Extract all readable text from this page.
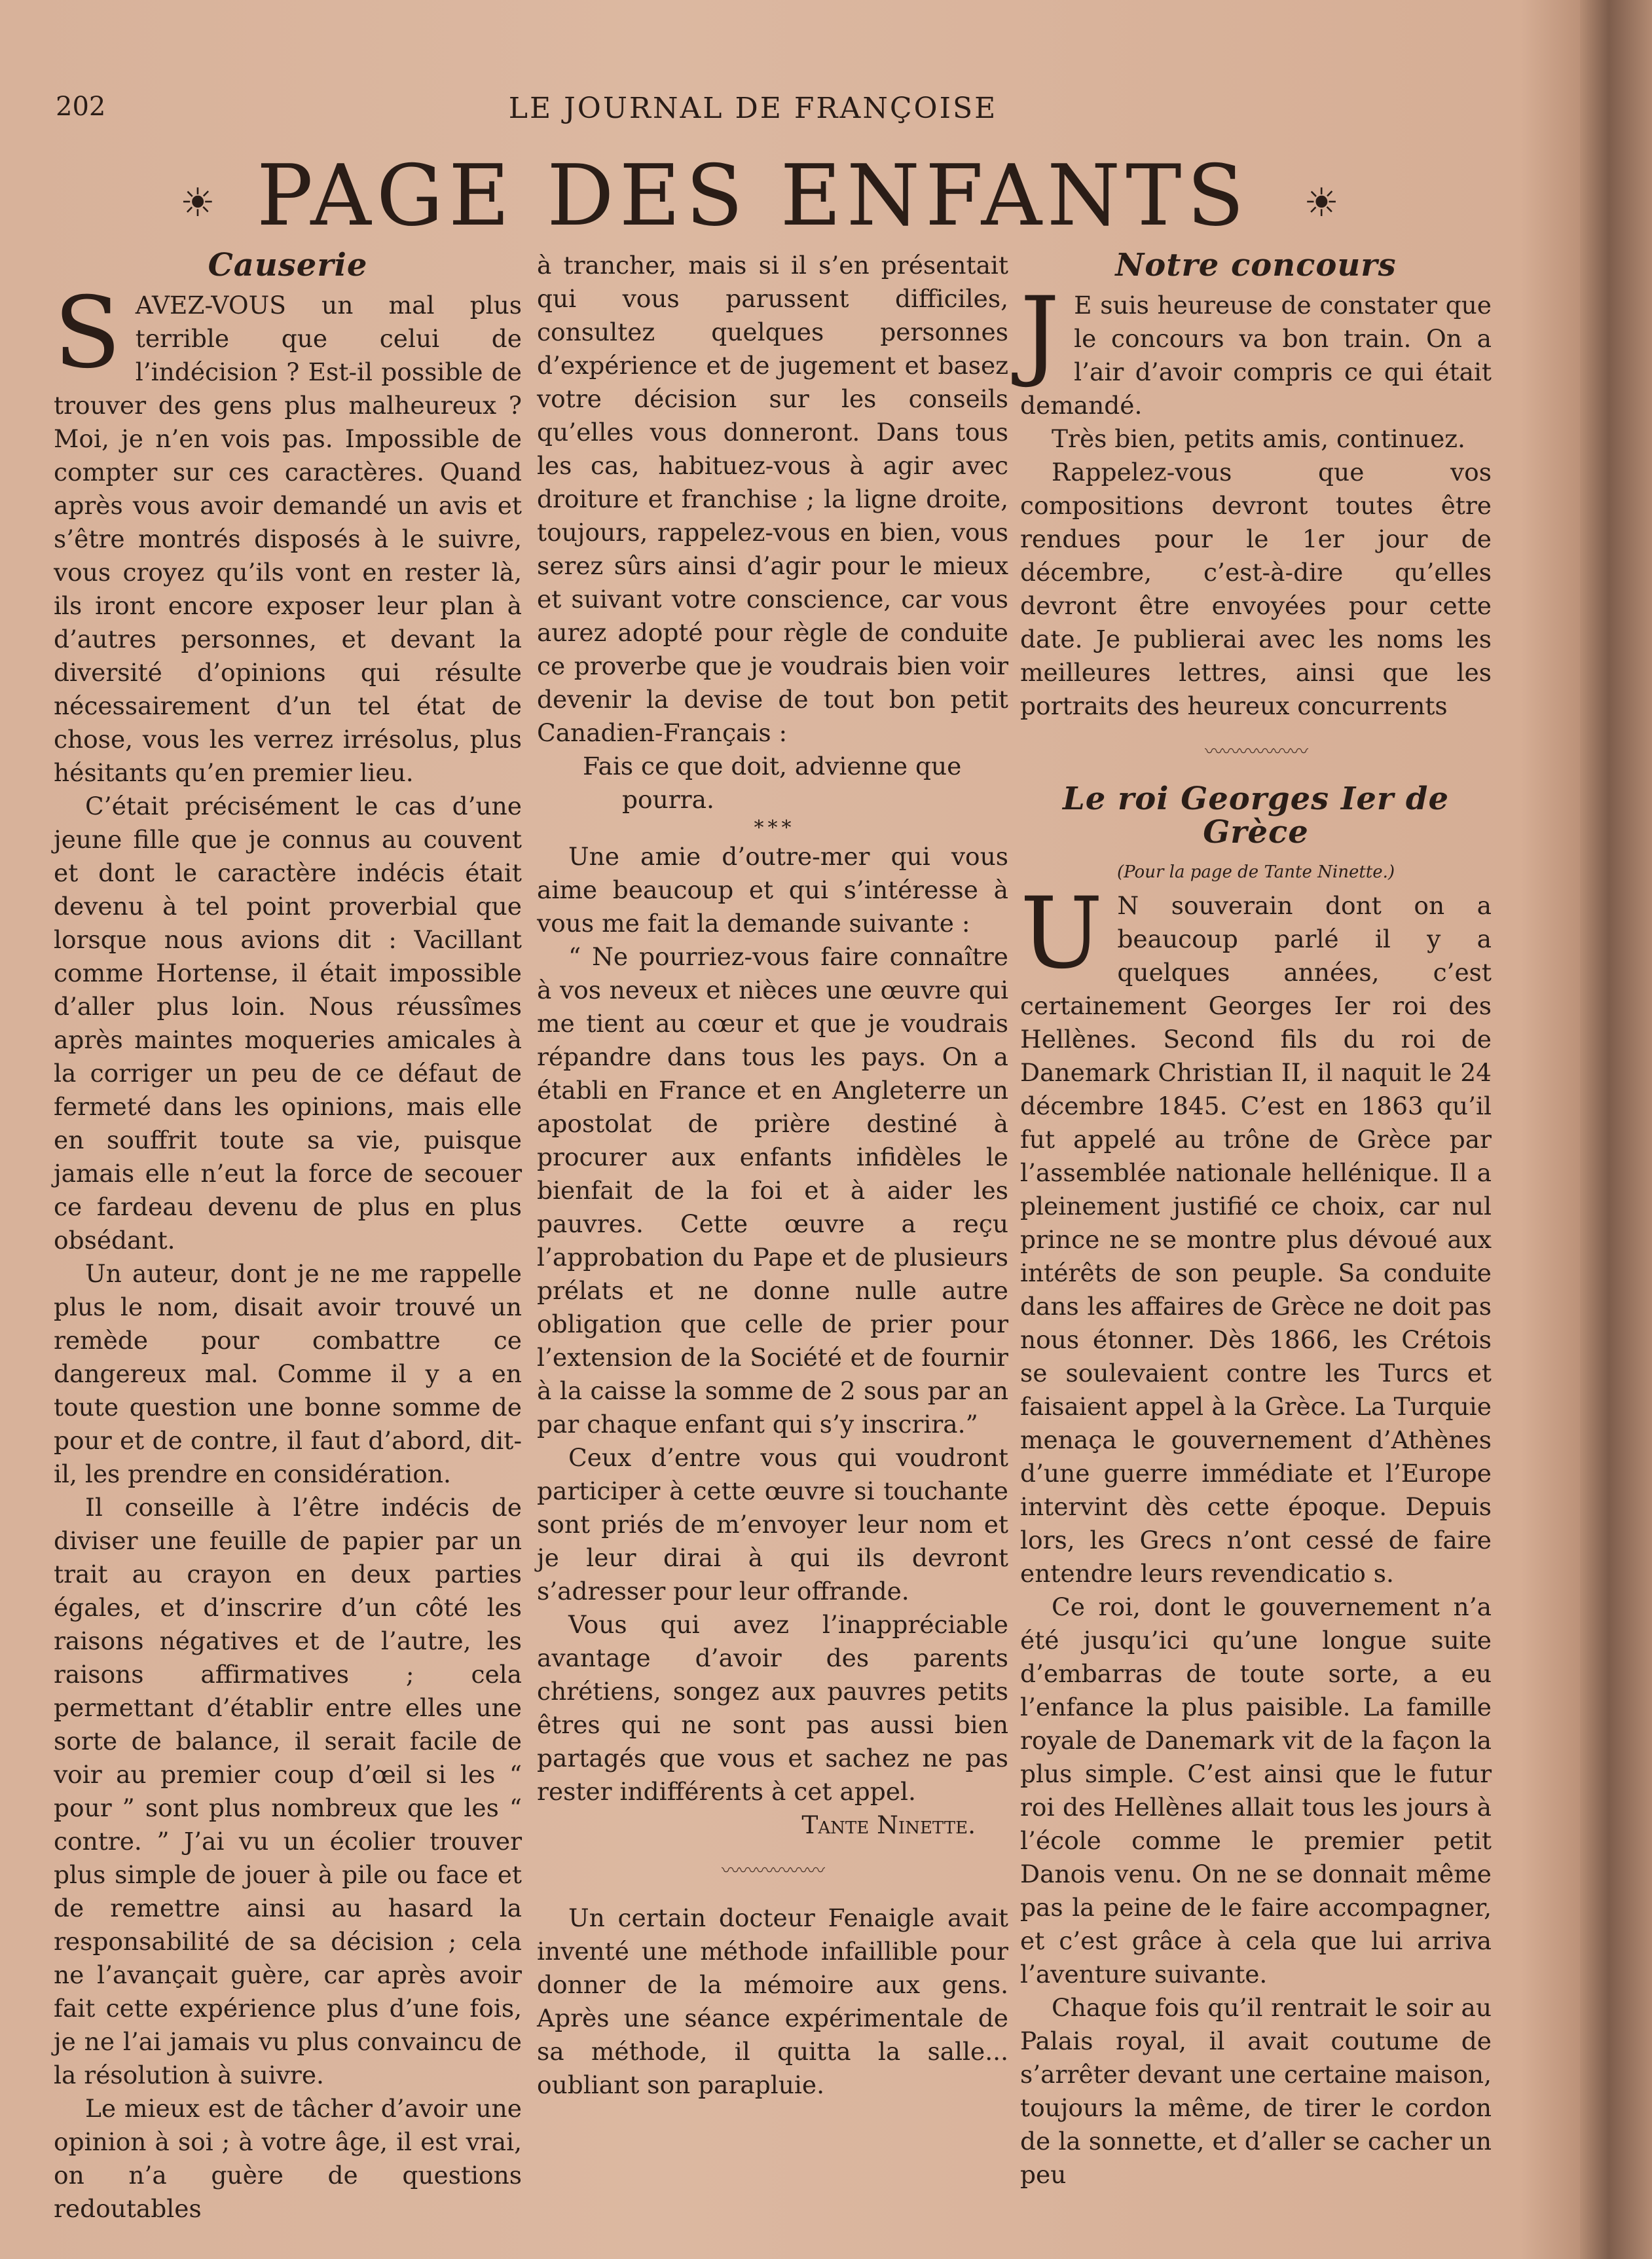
202	LE JOURNAL DE FRANÇOISE
☀ PAGE DES ENFANTS ☀
Causerie

SAVEZ-VOUS un mal plus terrible que celui de l’indécision ? Est-il possible de trouver des gens plus malheureux ? Moi, je n’en vois pas. Impossible de compter sur ces caractères. Quand après vous avoir demandé un avis et s’être montrés disposés à le suivre, vous croyez qu’ils vont en rester là, ils iront encore exposer leur plan à d’autres personnes, et devant la diversité d’opinions qui résulte nécessairement d’un tel état de chose, vous les verrez irrésolus, plus hésitants qu’en premier lieu.

C’était précisément le cas d’une jeune fille que je connus au couvent et dont le caractère indécis était devenu à tel point proverbial que lorsque nous avions dit : Vacillant comme Hortense, il était impossible d’aller plus loin. Nous réussîmes après maintes moqueries amicales à la corriger un peu de ce défaut de fermeté dans les opinions, mais elle en souffrit toute sa vie, puisque jamais elle n’eut la force de secouer ce fardeau devenu de plus en plus obsédant.

Un auteur, dont je ne me rappelle plus le nom, disait avoir trouvé un remède pour combattre ce dangereux mal. Comme il y a en toute question une bonne somme de pour et de contre, il faut d’abord, dit-il, les prendre en considération.

Il conseille à l’être indécis de diviser une feuille de papier par un trait au crayon en deux parties égales, et d’inscrire d’un côté les raisons négatives et de l’autre, les raisons affirmatives ; cela permettant d’établir entre elles une sorte de balance, il serait facile de voir au premier coup d’œil si les “ pour ” sont plus nombreux que les “ contre. ” J’ai vu un écolier trouver plus simple de jouer à pile ou face et de remettre ainsi au hasard la responsabilité de sa décision ; cela ne l’avançait guère, car après avoir fait cette expérience plus d’une fois, je ne l’ai jamais vu plus convaincu de la résolution à suivre.

Le mieux est de tâcher d’avoir une opinion à soi ; à votre âge, il est vrai, on n’a guère de questions redoutables

à trancher, mais si il s’en présentait qui vous parussent difficiles, consultez quelques personnes d’expérience et de jugement et basez votre décision sur les conseils qu’elles vous donneront. Dans tous les cas, habituez-vous à agir avec droiture et franchise ; la ligne droite, toujours, rappelez-vous en bien, vous serez sûrs ainsi d’agir pour le mieux et suivant votre conscience, car vous aurez adopté pour règle de conduite ce proverbe que je voudrais bien voir devenir la devise de tout bon petit Canadien-Français :

Fais ce que doit, advienne que

pourra.

* * *

Une amie d’outre-mer qui vous aime beaucoup et qui s’intéresse à vous me fait la demande suivante :

“ Ne pourriez-vous faire connaître à vos neveux et nièces une œuvre qui me tient au cœur et que je voudrais répandre dans tous les pays. On a établi en France et en Angleterre un apostolat de prière destiné à procurer aux enfants infidèles le bienfait de la foi et à aider les pauvres. Cette œuvre a reçu l’approbation du Pape et de plusieurs prélats et ne donne nulle autre obligation que celle de prier pour l’extension de la Société et de fournir à la caisse la somme de 2 sous par an par chaque enfant qui s’y inscrira.”

Ceux d’entre vous qui voudront participer à cette œuvre si touchante sont priés de m’envoyer leur nom et je leur dirai à qui ils devront s’adresser pour leur offrande.

Vous qui avez l’inappréciable avantage d’avoir des parents chrétiens, songez aux pauvres petits êtres qui ne sont pas aussi bien partagés que vous et sachez ne pas rester indifférents à cet appel.

Tante Ninette.

〰〰〰〰〰〰

Un certain docteur Fenaigle avait inventé une méthode infaillible pour donner de la mémoire aux gens. Après une séance expérimentale de sa méthode, il quitta la salle... oubliant son parapluie.

Notre concours

J E suis heureuse de constater que le concours va bon train. On a l’air d’avoir compris ce qui était demandé.

Très bien, petits amis, continuez.

Rappelez-vous que vos compositions devront toutes être rendues pour le 1er jour de décembre, c’est-à-dire qu’elles devront être envoyées pour cette date. Je publierai avec les noms les meilleures lettres, ainsi que les portraits des heureux concurrents

〰〰〰〰〰〰
Le roi Georges Ier de Grèce

(Pour la page de Tante Ninette.)

U N souverain dont on a beaucoup parlé il y a quelques années, c’est certainement Georges Ier roi des Hellènes. Second fils du roi de Danemark Christian II, il naquit le 24 décembre 1845. C’est en 1863 qu’il fut appelé au trône de Grèce par l’assemblée nationale hellénique. Il a pleinement justifié ce choix, car nul prince ne se montre plus dévoué aux intérêts de son peuple. Sa conduite dans les affaires de Grèce ne doit pas nous étonner. Dès 1866, les Crétois se soulevaient contre les Turcs et faisaient appel à la Grèce. La Turquie menaça le gouvernement d’Athènes d’une guerre immédiate et l’Europe intervint dès cette époque. Depuis lors, les Grecs n’ont cessé de faire entendre leurs revendicatio s.

Ce roi, dont le gouvernement n’a été jusqu’ici qu’une longue suite d’embarras de toute sorte, a eu l’enfance la plus paisible. La famille royale de Danemark vit de la façon la plus simple. C’est ainsi que le futur roi des Hellènes allait tous les jours à l’école comme le premier petit Danois venu. On ne se donnait même pas la peine de le faire accompagner, et c’est grâce à cela que lui arriva l’aventure suivante.

Chaque fois qu’il rentrait le soir au Palais royal, il avait coutume de s’arrêter devant une certaine maison, toujours la même, de tirer le cordon de la sonnette, et d’aller se cacher un peu
